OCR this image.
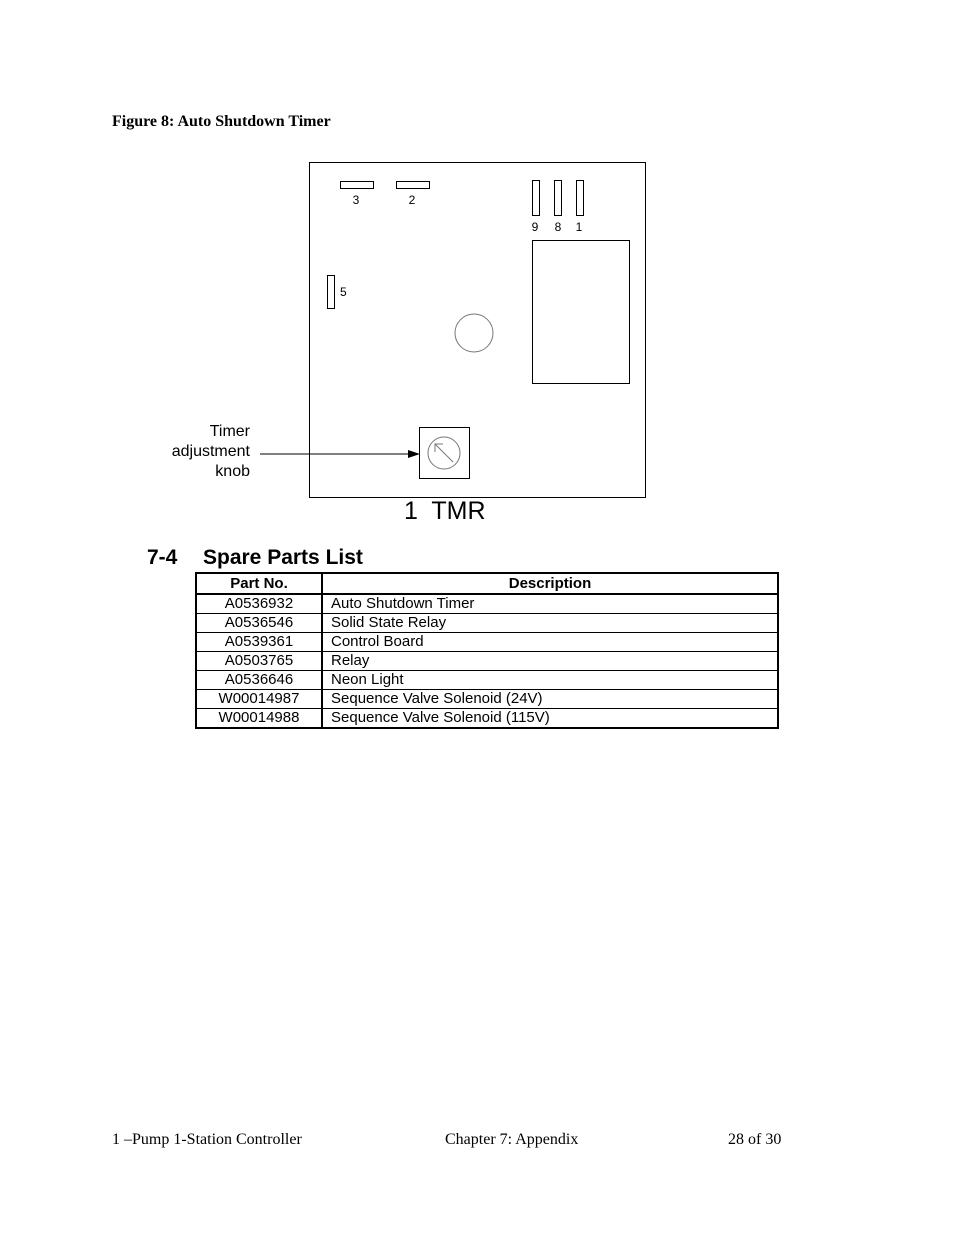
Figure 8: Auto Shutdown Timer
3	2
9 8 1
5
1  TMR
Timer
adjustment
knob
7-4 Spare Parts List
Part No.	Description
A0536932	Auto Shutdown Timer
A0536546	Solid State Relay
A0539361	Control Board
A0503765	Relay
A0536646	Neon Light
W00014987	Sequence Valve Solenoid (24V)
W00014988	Sequence Valve Solenoid (115V)
1 –Pump 1-Station Controller	Chapter 7: Appendix	28 of 30
